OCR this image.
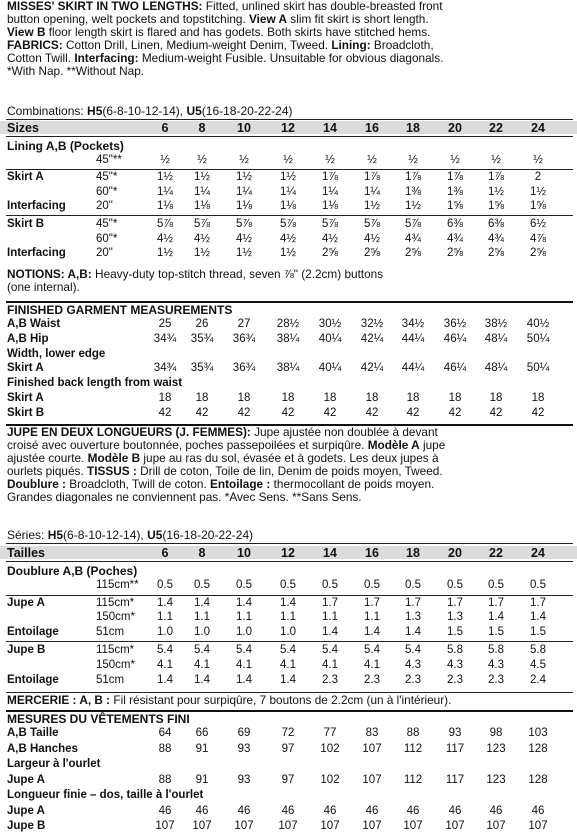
MISSES' SKIRT IN TWO LENGTHS: Fitted, unlined skirt has double-breasted front
button opening, welt pockets and topstitching. View A slim fit skirt is short length.
View B floor length skirt is flared and has godets. Both skirts have stitched hems.
FABRICS: Cotton Drill, Linen, Medium-weight Denim, Tweed. Lining: Broadcloth,
Cotton Twill. Interfacing: Medium-weight Fusible. Unsuitable for obvious diagonals.
*With Nap. **Without Nap.
Combinations: H5(6-8-10-12-14), U5(16-18-20-22-24)
Sizes	6	8	10	12	14	16	18	20	22	24
Lining A,B (Pockets)
45"**	½	½	½	½	½	½	½	½	½	½
Skirt A	45"*	1½	1½	1½	1½	1⅞	1⅞	1⅞	1⅞	1⅞	2
60"*	1¼	1¼	1¼	1¼	1¼	1¼	1⅜	1⅜	1½	1½
Interfacing	20"	1⅛	1⅛	1⅛	1⅛	1⅛	1½	1½	1⅝	1⅝	1⅝
Skirt B	45"*	5⅞	5⅞	5⅞	5⅞	5⅞	5⅞	5⅞	6⅜	6⅜	6½
60"*	4½	4½	4½	4½	4½	4½	4¾	4¾	4¾	4⅞
Interfacing	20"	1½	1½	1½	1½	2⅝	2⅝	2⅝	2⅝	2⅝	2⅝
NOTIONS: A,B: Heavy-duty top-stitch thread, seven ⅞" (2.2cm) buttons
(one internal).
FINISHED GARMENT MEASUREMENTS
A,B Waist	25	26	27	28½	30½	32½	34½	36½	38½	40½
A,B Hip	34¾	35¾	36¾	38¼	40¼	42¼	44¼	46¼	48¼	50¼
Width, lower edge
Skirt A	34¾	35¾	36¾	38¼	40¼	42¼	44¼	46¼	48¼	50¼
Finished back length from waist
Skirt A	18	18	18	18	18	18	18	18	18	18
Skirt B	42	42	42	42	42	42	42	42	42	42
JUPE EN DEUX LONGUEURS (J. FEMMES): Jupe ajustée non doublée à devant
croisé avec ouverture boutonnée, poches passepoilées et surpiqûre. Modèle A jupe
ajustée courte. Modèle B jupe au ras du sol, évasée et à godets. Les deux jupes à
ourlets piqués. TISSUS : Drill de coton, Toile de lin, Denim de poids moyen, Tweed.
Doublure : Broadcloth, Twill de coton. Entoilage : thermocollant de poids moyen.
Grandes diagonales ne conviennent pas. *Avec Sens. **Sans Sens.
Séries: H5(6-8-10-12-14), U5(16-18-20-22-24)
Tailles	6	8	10	12	14	16	18	20	22	24
Doublure A,B (Poches)
115cm**	0.5	0.5	0.5	0.5	0.5	0.5	0.5	0.5	0.5	0.5
Jupe A	115cm*	1.4	1.4	1.4	1.4	1.7	1.7	1.7	1.7	1.7	1.7
150cm*	1.1	1.1	1.1	1.1	1.1	1.1	1.3	1.3	1.4	1.4
Entoilage	51cm	1.0	1.0	1.0	1.0	1.4	1.4	1.4	1.5	1.5	1.5
Jupe B	115cm*	5.4	5.4	5.4	5.4	5.4	5.4	5.4	5.8	5.8	5.8
150cm*	4.1	4.1	4.1	4.1	4.1	4.1	4.3	4.3	4.3	4.5
Entoilage	51cm	1.4	1.4	1.4	1.4	2.3	2.3	2.3	2.3	2.3	2.4
MERCERIE : A, B : Fil résistant pour surpiqûre, 7 boutons de 2.2cm (un à l'intérieur).
MESURES DU VÊTEMENTS FINI
A,B Taille	64	66	69	72	77	83	88	93	98	103
A,B Hanches	88	91	93	97	102	107	112	117	123	128
Largeur à l'ourlet
Jupe A	88	91	93	97	102	107	112	117	123	128
Longueur finie – dos, taille à l'ourlet
Jupe A	46	46	46	46	46	46	46	46	46	46
Jupe B	107	107	107	107	107	107	107	107	107	107
